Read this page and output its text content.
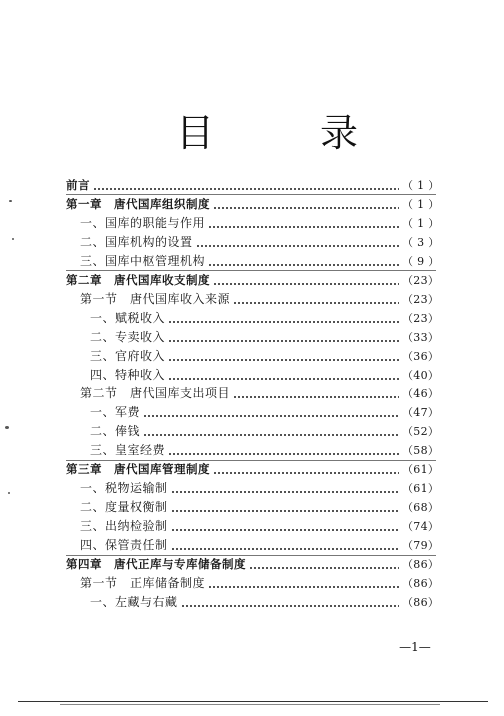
目　录
前言	（ 1 ）
第一章　唐代国库组织制度	（ 1 ）
一、国库的职能与作用	（ 1 ）
二、国库机构的设置	（ 3 ）
三、国库中枢管理机构	（ 9 ）
第二章　唐代国库收支制度	（23）
第一节　唐代国库收入来源	（23）
一、赋税收入	（23）
二、专卖收入	（33）
三、官府收入	（36）
四、特种收入	（40）
第二节　唐代国库支出项目	（46）
一、军费	（47）
二、俸钱	（52）
三、皇室经费	（58）
第三章　唐代国库管理制度	（61）
一、税物运输制	（61）
二、度量权衡制	（68）
三、出纳检验制	（74）
四、保管责任制	（79）
第四章　唐代正库与专库储备制度	（86）
第一节　正库储备制度	（86）
一、左藏与右藏	（86）
—1—
